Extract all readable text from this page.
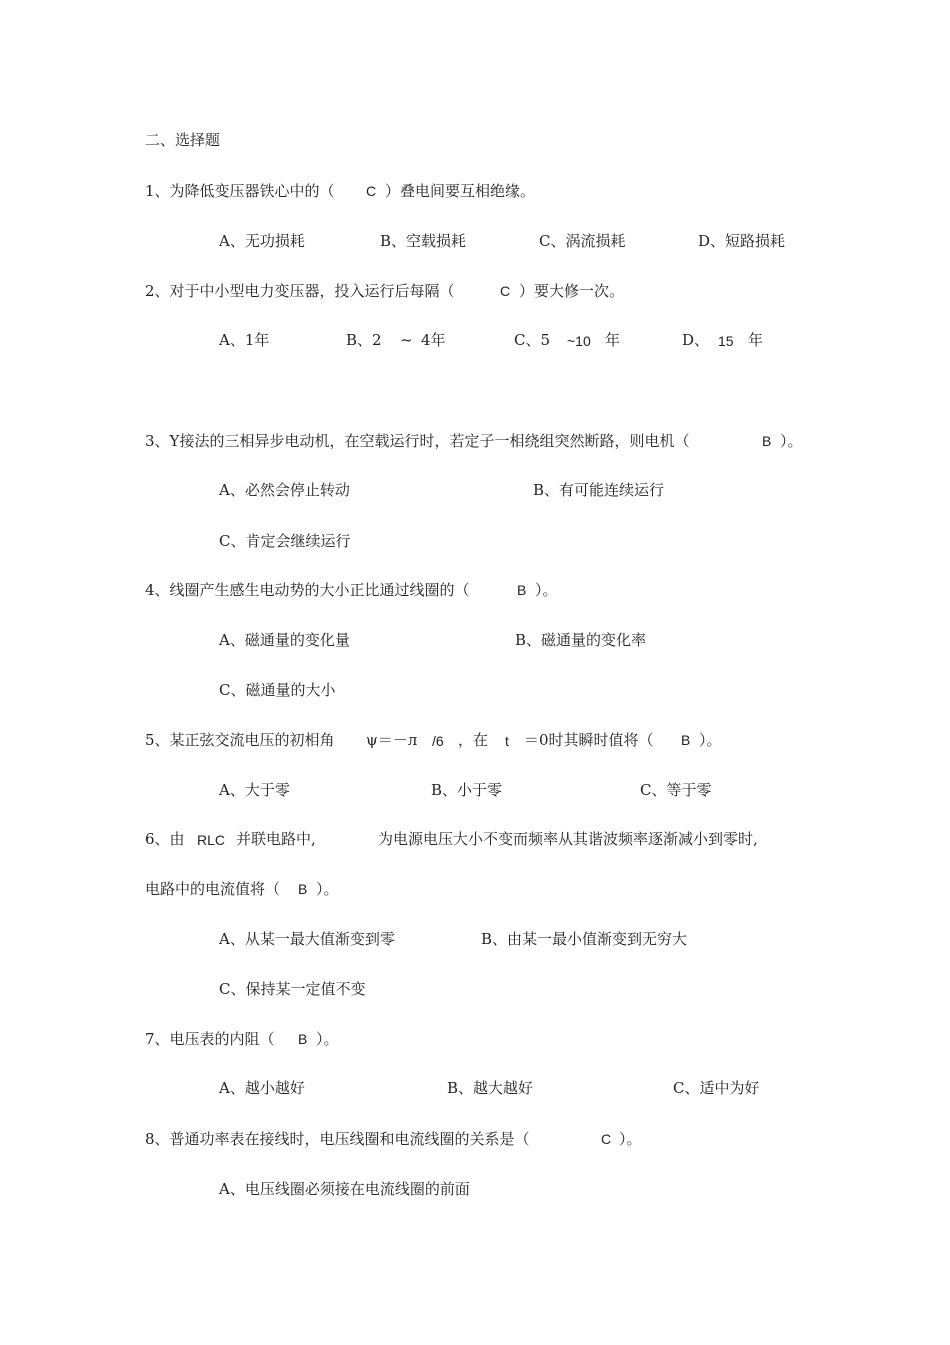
二、选择题
1、为降低变压器铁心中的（ C ）叠电间要互相绝缘。
A、无功损耗	B、空载损耗	C、涡流损耗	D、短路损耗
2、对于中小型电力变压器，投入运行后每隔（	C ）要大修一次。
A、1年	B、2 ~ 4年	C、5 ~10 年	D、 15 年
3、Y接法的三相异步电动机，在空载运行时，若定子一相绕组突然断路，则电机（	B ）。
A、必然会停止转动	B、有可能连续运行
C、肯定会继续运行
4、线圈产生感生电动势的大小正比通过线圈的（	B ）。
A、磁通量的变化量	B、磁通量的变化率
C、磁通量的大小
5、某正弦交流电压的初相角 ψ＝－л /6 ，在 t ＝0时其瞬时值将（ B ）。
A、大于零	B、小于零	C、等于零
6、由 RLC 并联电路中,	为电源电压大小不变而频率从其谐波频率逐渐减小到零时,
电路中的电流值将（ B ）。
A、从某一最大值渐变到零	B、由某一最小值渐变到无穷大
C、保持某一定值不变
7、电压表的内阻（ B ）。
A、越小越好	B、越大越好	C、适中为好
8、普通功率表在接线时，电压线圈和电流线圈的关系是（	C ）。
A、电压线圈必须接在电流线圈的前面
